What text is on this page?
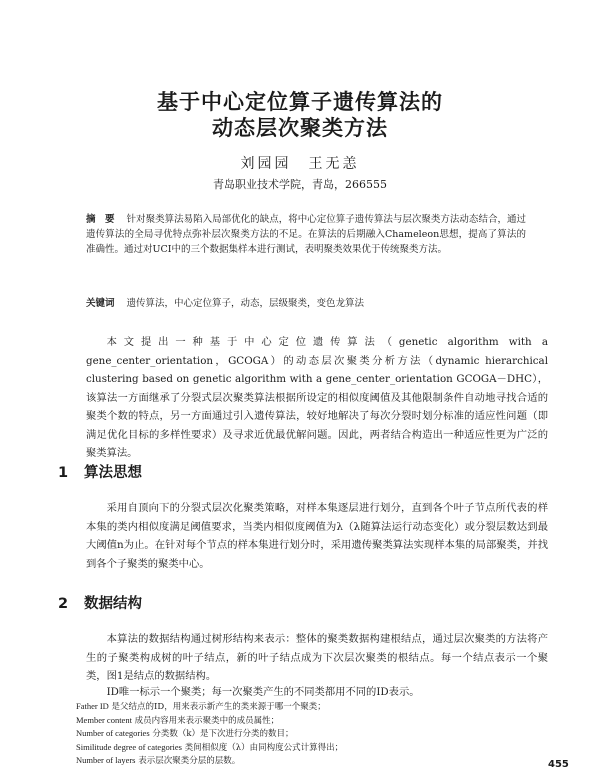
基于中心定位算子遗传算法的
动态层次聚类方法
刘园园　王无恙
青岛职业技术学院，青岛，266555
摘　要 针对聚类算法易陷入局部优化的缺点，将中心定位算子遗传算法与层次聚类方法动态结合，通过遗传算法的全局寻优特点弥补层次聚类方法的不足。在算法的后期融入Chameleon思想，提高了算法的准确性。通过对UCI中的三个数据集样本进行测试，表明聚类效果优于传统聚类方法。
关键词 遗传算法，中心定位算子，动态，层级聚类，变色龙算法
本文提出一种基于中心定位遗传算法（genetic algorithm with a gene_center_orientation，GCOGA）的动态层次聚类分析方法（dynamic hierarchical clustering based on genetic algorithm with a gene_center_orientation GCOGA－DHC），该算法一方面继承了分裂式层次聚类算法根据所设定的相似度阈值及其他限制条件自动地寻找合适的聚类个数的特点，另一方面通过引入遗传算法，较好地解决了每次分裂时划分标准的适应性问题（即满足优化目标的多样性要求）及寻求近优最优解问题。因此，两者结合构造出一种适应性更为广泛的聚类算法。
1 算法思想
采用自顶向下的分裂式层次化聚类策略，对样本集逐层进行划分，直到各个叶子节点所代表的样本集的类内相似度满足阈值要求，当类内相似度阈值为λ（λ随算法运行动态变化）或分裂层数达到最大阈值n为止。在针对每个节点的样本集进行划分时，采用遗传聚类算法实现样本集的局部聚类，并找到各个子聚类的聚类中心。
2 数据结构
本算法的数据结构通过树形结构来表示：整体的聚类数据构建根结点，通过层次聚类的方法将产生的子聚类构成树的叶子结点，新的叶子结点成为下次层次聚类的根结点。每一个结点表示一个聚类，图1是结点的数据结构。
ID唯一标示一个聚类；每一次聚类产生的不同类都用不同的ID表示。
Father ID 是父结点的ID，用来表示新产生的类来源于哪一个聚类；
Member content 成员内容用来表示聚类中的成员属性；
Number of categories 分类数（k）是下次进行分类的数目；
Similitude degree of categories 类间相似度（λ）由同构度公式计算得出；
Number of layers 表示层次聚类分层的层数。	455
